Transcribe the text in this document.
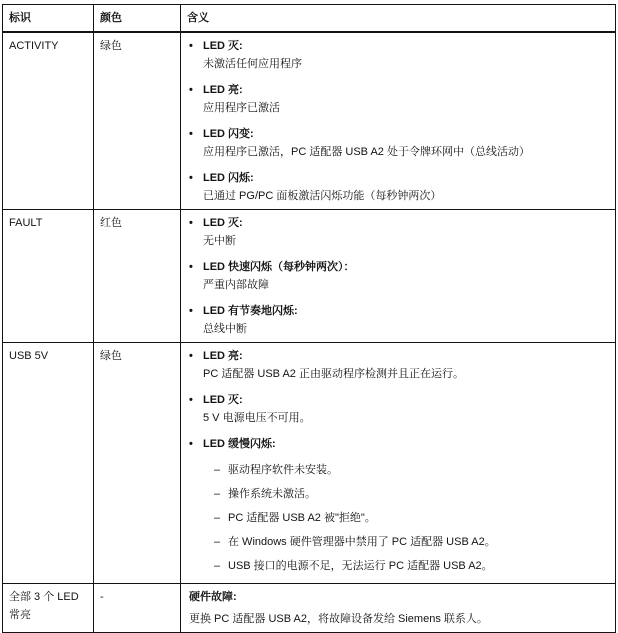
标识	颜色	含义
ACTIVITY	绿色	• LED 灭:
未激活任何应用程序
• LED 亮:
应用程序已激活
• LED 闪变:
应用程序已激活，PC 适配器 USB A2 处于令牌环网中（总线活动）
• LED 闪烁:
已通过 PG/PC 面板激活闪烁功能（每秒钟两次）

FAULT	红色	• LED 灭:
无中断
• LED 快速闪烁（每秒钟两次）：
严重内部故障
• LED 有节奏地闪烁:
总线中断

USB 5V	绿色	• LED 亮:
PC 适配器 USB A2 正由驱动程序检测并且正在运行。
• LED 灭:
5 V 电源电压不可用。
• LED 缓慢闪烁:
– 驱动程序软件未安装。
– 操作系统未激活。
– PC 适配器 USB A2 被"拒绝"。
– 在 Windows 硬件管理器中禁用了 PC 适配器 USB A2。
– USB 接口的电源不足，无法运行 PC 适配器 USB A2。

全部 3 个 LED 常亮	-	硬件故障:
更换 PC 适配器 USB A2，将故障设备发给 Siemens 联系人。
